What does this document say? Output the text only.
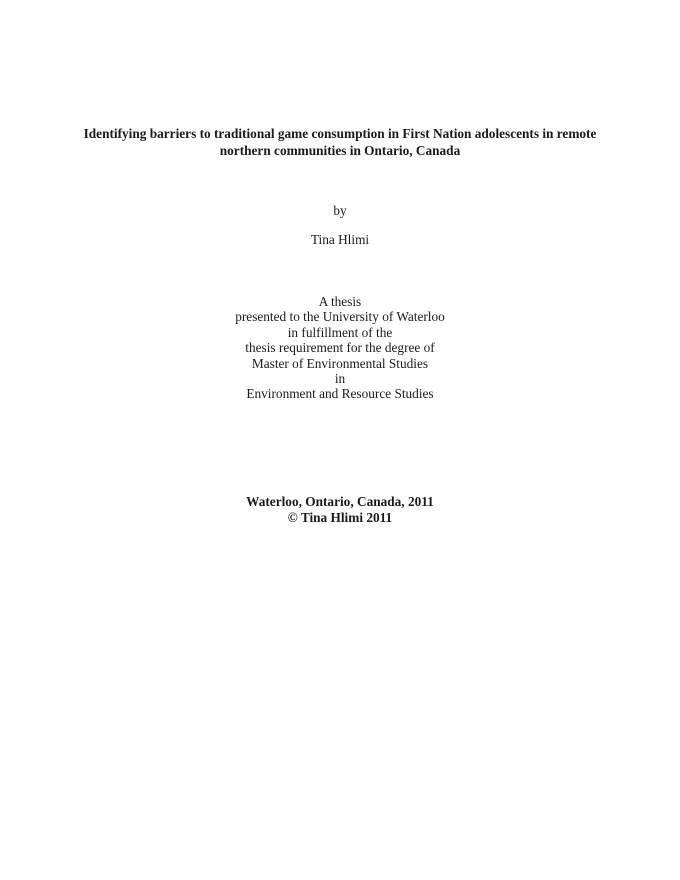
Identifying barriers to traditional game consumption in First Nation adolescents in remote
northern communities in Ontario, Canada
by
Tina Hlimi
A thesis
presented to the University of Waterloo
in fulfillment of the
thesis requirement for the degree of
Master of Environmental Studies
in
Environment and Resource Studies
Waterloo, Ontario, Canada, 2011
© Tina Hlimi 2011
